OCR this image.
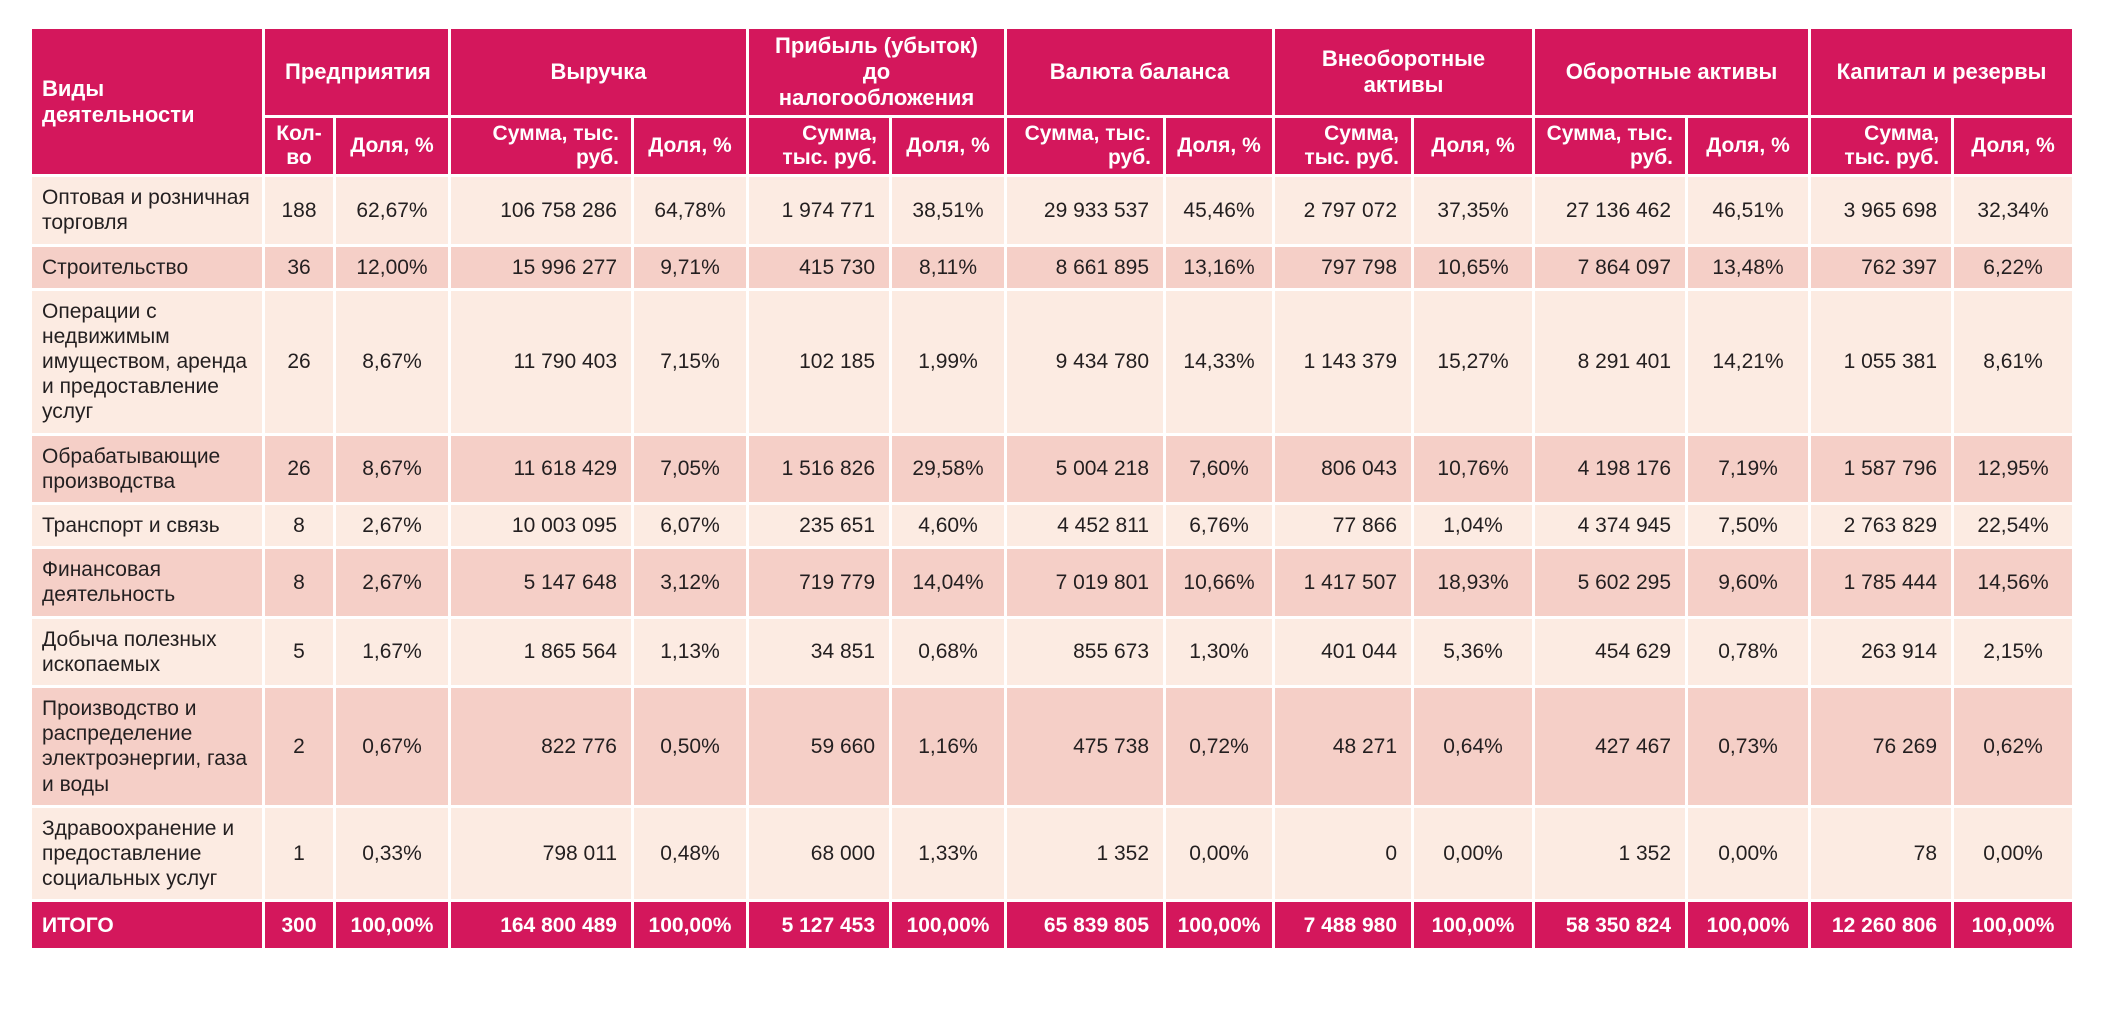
Виды деятельности	Предприятия		Выручка		Прибыль (убыток) до налогообложения		Валюта баланса		Внеоборотные активы		Оборотные активы		Капитал и резервы	
	Кол-во	Доля, %	Сумма, тыс. руб.	Доля, %	Сумма, тыс. руб.	Доля, %	Сумма, тыс. руб.	Доля, %	Сумма, тыс. руб.	Доля, %	Сумма, тыс. руб.	Доля, %	Сумма, тыс. руб.	Доля, %
Оптовая и розничная торговля	188	62,67%	106 758 286	64,78%	1 974 771	38,51%	29 933 537	45,46%	2 797 072	37,35%	27 136 462	46,51%	3 965 698	32,34%
Строительство	36	12,00%	15 996 277	9,71%	415 730	8,11%	8 661 895	13,16%	797 798	10,65%	7 864 097	13,48%	762 397	6,22%
Операции с недвижимым имуществом, аренда и предоставление услуг	26	8,67%	11 790 403	7,15%	102 185	1,99%	9 434 780	14,33%	1 143 379	15,27%	8 291 401	14,21%	1 055 381	8,61%
Обрабатывающие производства	26	8,67%	11 618 429	7,05%	1 516 826	29,58%	5 004 218	7,60%	806 043	10,76%	4 198 176	7,19%	1 587 796	12,95%
Транспорт и связь	8	2,67%	10 003 095	6,07%	235 651	4,60%	4 452 811	6,76%	77 866	1,04%	4 374 945	7,50%	2 763 829	22,54%
Финансовая деятельность	8	2,67%	5 147 648	3,12%	719 779	14,04%	7 019 801	10,66%	1 417 507	18,93%	5 602 295	9,60%	1 785 444	14,56%
Добыча полезных ископаемых	5	1,67%	1 865 564	1,13%	34 851	0,68%	855 673	1,30%	401 044	5,36%	454 629	0,78%	263 914	2,15%
Производство и распределение электроэнергии, газа и воды	2	0,67%	822 776	0,50%	59 660	1,16%	475 738	0,72%	48 271	0,64%	427 467	0,73%	76 269	0,62%
Здравоохранение и предоставление социальных услуг	1	0,33%	798 011	0,48%	68 000	1,33%	1 352	0,00%	0	0,00%	1 352	0,00%	78	0,00%
ИТОГО	300	100,00%	164 800 489	100,00%	5 127 453	100,00%	65 839 805	100,00%	7 488 980	100,00%	58 350 824	100,00%	12 260 806	100,00%
